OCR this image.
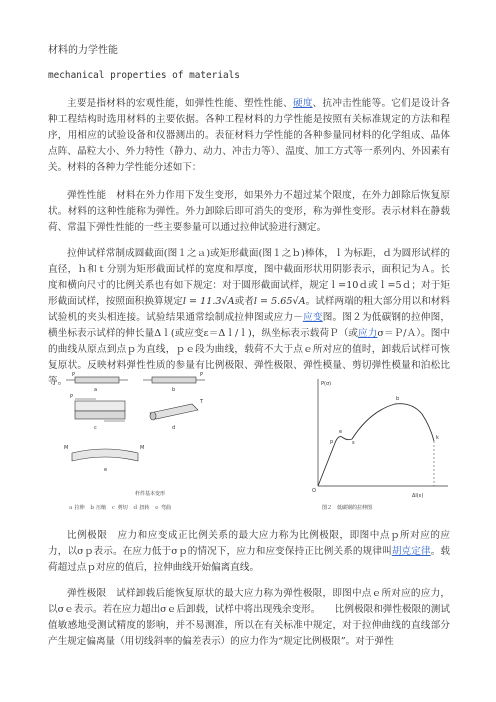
材料的力学性能

mechanical properties of materials

主要是指材料的宏观性能，如弹性性能、塑性性能、硬度、抗冲击性能等。它们是设计各种工程结构时选用材料的主要依据。各种工程材料的力学性能是按照有关标准规定的方法和程序，用相应的试验设备和仪器测出的。表征材料力学性能的各种参量同材料的化学组成、晶体点阵、晶粒大小、外力特性（静力、动力、冲击力等）、温度、加工方式等一系列内、外因素有关。材料的各种力学性能分述如下：

弹性性能　材料在外力作用下发生变形，如果外力不超过某个限度，在外力卸除后恢复原状。材料的这种性能称为弹性。外力卸除后即可消失的变形，称为弹性变形。表示材料在静载荷、常温下弹性性能的一些主要参量可以通过拉伸试验进行测定。

拉伸试样常制成圆截面(图１之ａ)或矩形截面(图１之ｂ)棒体，ｌ为标距，ｄ为圆形试样的直径，ｈ和ｔ分别为矩形截面试样的宽度和厚度，图中截面形状用阴影表示，面积记为Ａ。长度和横向尺寸的比例关系也有如下规定：对于圆形截面试样，规定ｌ=10ｄ或ｌ=5ｄ；对于矩形截面试样，按照面积换算规定l = 11.3√A或者l = 5.65√A。试样两端的粗大部分用以和材料试验机的夹头相连接。试验结果通常绘制成拉伸图或应力－应变图。图２为低碳钢的拉伸图，横坐标表示试样的伸长量Δｌ(或应变ε＝Δｌ/ｌ)，纵坐标表示载荷Ｐ（或应力σ＝Ｐ/Ａ）。图中的曲线从原点到点ｐ为直线，ｐｅ段为曲线，载荷不大于点ｅ所对应的值时，卸载后试样可恢复原状。反映材料弹性性质的参量有比例极限、弹性极限、弹性模量、剪切弹性模量和泊松比等。

P
a
P
b
P
c
T
d
M	M
e
杆件基本变形
ａ 拉伸　ｂ 压缩　ｃ 剪切　ｄ 扭转　ｅ 弯曲
P(σ)
Δl(ε)
O
p
e
s
b
k
图２　低碳钢的拉伸图

比例极限　应力和应变成正比例关系的最大应力称为比例极限，即图中点ｐ所对应的应力，以σｐ表示。在应力低于σｐ的情况下，应力和应变保持正比例关系的规律叫胡克定律。载荷超过点ｐ对应的值后，拉伸曲线开始偏离直线。

弹性极限　试样卸载后能恢复原状的最大应力称为弹性极限，即图中点ｅ所对应的应力，以σｅ表示。若在应力超出σｅ后卸载，试样中将出现残余变形。　　比例极限和弹性极限的测试值敏感地受测试精度的影响，并不易测准，所以在有关标准中规定，对于拉伸曲线的直线部分产生规定偏离量（用切线斜率的偏差表示）的应力作为“规定比例极限”。对于弹性
